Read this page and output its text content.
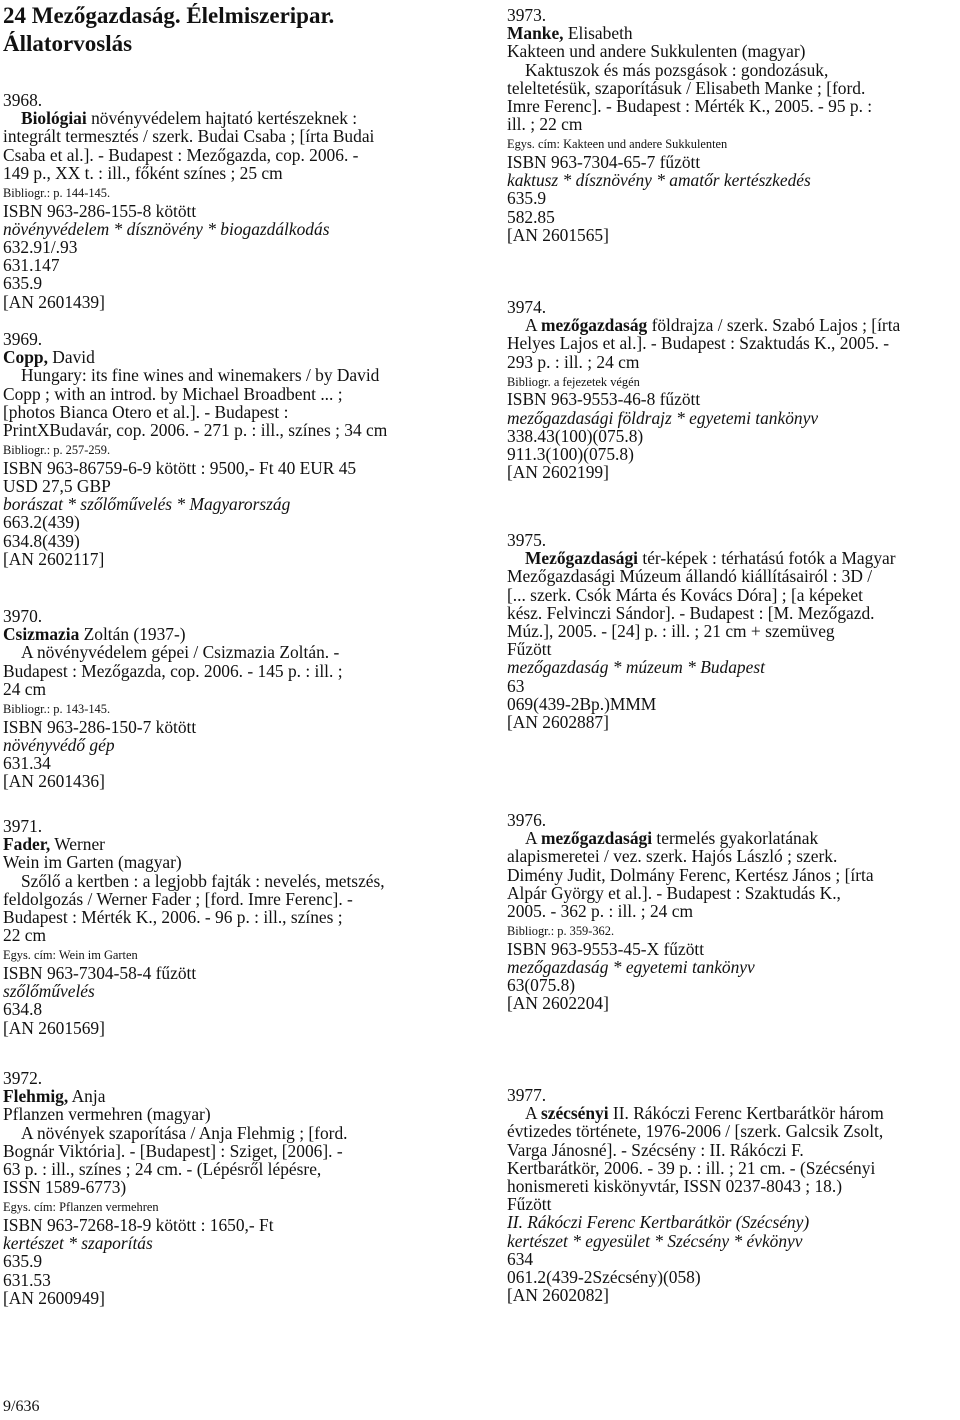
24 Mezőgazdaság. Élelmiszeripar.
Állatorvoslás
3968.
Biológiai növényvédelem hajtató kertészeknek :
integrált termesztés / szerk. Budai Csaba ; [írta Budai
Csaba et al.]. - Budapest : Mezőgazda, cop. 2006. -
149 p., XX t. : ill., főként színes ; 25 cm
Bibliogr.: p. 144-145.
ISBN 963-286-155-8 kötött
növényvédelem * dísznövény * biogazdálkodás
632.91/.93
631.147
635.9
[AN 2601439]
3969.
Copp, David
Hungary: its fine wines and winemakers / by David
Copp ; with an introd. by Michael Broadbent ... ;
[photos Bianca Otero et al.]. - Budapest :
PrintXBudavár, cop. 2006. - 271 p. : ill., színes ; 34 cm
Bibliogr.: p. 257-259.
ISBN 963-86759-6-9 kötött : 9500,- Ft 40 EUR 45
USD 27,5 GBP
borászat * szőlőművelés * Magyarország
663.2(439)
634.8(439)
[AN 2602117]
3970.
Csizmazia Zoltán (1937-)
A növényvédelem gépei / Csizmazia Zoltán. -
Budapest : Mezőgazda, cop. 2006. - 145 p. : ill. ;
24 cm
Bibliogr.: p. 143-145.
ISBN 963-286-150-7 kötött
növényvédő gép
631.34
[AN 2601436]
3971.
Fader, Werner
Wein im Garten (magyar)
Szőlő a kertben : a legjobb fajták : nevelés, metszés,
feldolgozás / Werner Fader ; [ford. Imre Ferenc]. -
Budapest : Mérték K., 2006. - 96 p. : ill., színes ;
22 cm
Egys. cím: Wein im Garten
ISBN 963-7304-58-4 fűzött
szőlőművelés
634.8
[AN 2601569]
3972.
Flehmig, Anja
Pflanzen vermehren (magyar)
A növények szaporítása / Anja Flehmig ; [ford.
Bognár Viktória]. - [Budapest] : Sziget, [2006]. -
63 p. : ill., színes ; 24 cm. - (Lépésről lépésre,
ISSN 1589-6773)
Egys. cím: Pflanzen vermehren
ISBN 963-7268-18-9 kötött : 1650,- Ft
kertészet * szaporítás
635.9
631.53
[AN 2600949]
3973.
Manke, Elisabeth
Kakteen und andere Sukkulenten (magyar)
Kaktuszok és más pozsgások : gondozásuk,
teleltetésük, szaporításuk / Elisabeth Manke ; [ford.
Imre Ferenc]. - Budapest : Mérték K., 2005. - 95 p. :
ill. ; 22 cm
Egys. cím: Kakteen und andere Sukkulenten
ISBN 963-7304-65-7 fűzött
kaktusz * dísznövény * amatőr kertészkedés
635.9
582.85
[AN 2601565]
3974.
A mezőgazdaság földrajza / szerk. Szabó Lajos ; [írta
Helyes Lajos et al.]. - Budapest : Szaktudás K., 2005. -
293 p. : ill. ; 24 cm
Bibliogr. a fejezetek végén
ISBN 963-9553-46-8 fűzött
mezőgazdasági földrajz * egyetemi tankönyv
338.43(100)(075.8)
911.3(100)(075.8)
[AN 2602199]
3975.
Mezőgazdasági tér-képek : térhatású fotók a Magyar
Mezőgazdasági Múzeum állandó kiállításairól : 3D /
[... szerk. Csók Márta és Kovács Dóra] ; [a képeket
kész. Felvinczi Sándor]. - Budapest : [M. Mezőgazd.
Múz.], 2005. - [24] p. : ill. ; 21 cm + szemüveg
Fűzött
mezőgazdaság * múzeum * Budapest
63
069(439-2Bp.)MMM
[AN 2602887]
3976.
A mezőgazdasági termelés gyakorlatának
alapismeretei / vez. szerk. Hajós László ; szerk.
Dimény Judit, Dolmány Ferenc, Kertész János ; [írta
Alpár György et al.]. - Budapest : Szaktudás K.,
2005. - 362 p. : ill. ; 24 cm
Bibliogr.: p. 359-362.
ISBN 963-9553-45-X fűzött
mezőgazdaság * egyetemi tankönyv
63(075.8)
[AN 2602204]
3977.
A szécsényi II. Rákóczi Ferenc Kertbarátkör három
évtizedes története, 1976-2006 / [szerk. Galcsik Zsolt,
Varga Jánosné]. - Szécsény : II. Rákóczi F.
Kertbarátkör, 2006. - 39 p. : ill. ; 21 cm. - (Szécsényi
honismereti kiskönyvtár, ISSN 0237-8043 ; 18.)
Fűzött
II. Rákóczi Ferenc Kertbarátkör (Szécsény)
kertészet * egyesület * Szécsény * évkönyv
634
061.2(439-2Szécsény)(058)
[AN 2602082]
9/636
